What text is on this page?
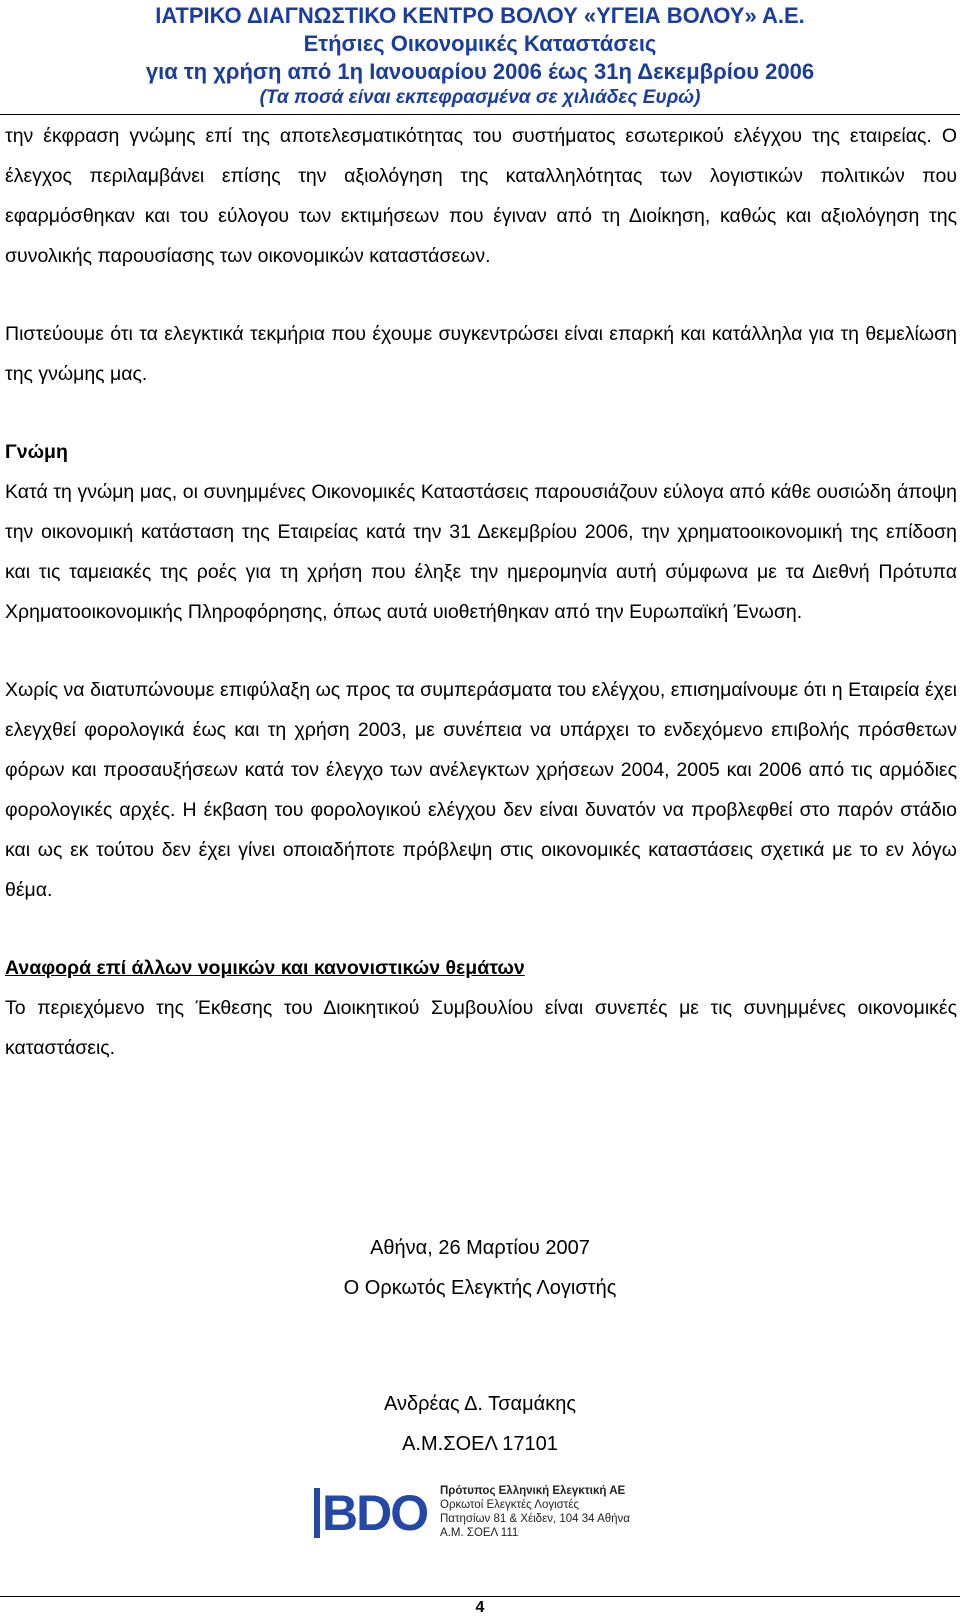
ΙΑΤΡΙΚΟ ΔΙΑΓΝΩΣΤΙΚΟ ΚΕΝΤΡΟ ΒΟΛΟΥ «ΥΓΕΙΑ ΒΟΛΟΥ» Α.Ε.
Ετήσιες Οικονομικές Καταστάσεις
για τη χρήση από 1η Ιανουαρίου 2006 έως 31η Δεκεμβρίου 2006
(Τα ποσά είναι εκπεφρασμένα σε χιλιάδες Ευρώ)

την έκφραση γνώμης επί της αποτελεσματικότητας του συστήματος εσωτερικού ελέγχου της εταιρείας. Ο έλεγχος περιλαμβάνει επίσης την αξιολόγηση της καταλληλότητας των λογιστικών πολιτικών που εφαρμόσθηκαν και του εύλογου των εκτιμήσεων που έγιναν από τη Διοίκηση, καθώς και αξιολόγηση της συνολικής παρουσίασης των οικονομικών καταστάσεων.

Πιστεύουμε ότι τα ελεγκτικά τεκμήρια που έχουμε συγκεντρώσει είναι επαρκή και κατάλληλα για τη θεμελίωση της γνώμης μας.

Γνώμη

Κατά τη γνώμη μας, οι συνημμένες Οικονομικές Καταστάσεις παρουσιάζουν εύλογα από κάθε ουσιώδη άποψη την οικονομική κατάσταση της Εταιρείας κατά την 31 Δεκεμβρίου 2006, την χρηματοοικονομική της επίδοση και τις ταμειακές της ροές για τη χρήση που έληξε την ημερομηνία αυτή σύμφωνα με τα Διεθνή Πρότυπα Χρηματοοικονομικής Πληροφόρησης, όπως αυτά υιοθετήθηκαν από την Ευρωπαϊκή Ένωση.

Χωρίς να διατυπώνουμε επιφύλαξη ως προς τα συμπεράσματα του ελέγχου, επισημαίνουμε ότι η Εταιρεία έχει ελεγχθεί φορολογικά έως και τη χρήση 2003, με συνέπεια να υπάρχει το ενδεχόμενο επιβολής πρόσθετων φόρων και προσαυξήσεων κατά τον έλεγχο των ανέλεγκτων χρήσεων 2004, 2005 και 2006 από τις αρμόδιες φορολογικές αρχές. Η έκβαση του φορολογικού ελέγχου δεν είναι δυνατόν να προβλεφθεί στο παρόν στάδιο και ως εκ τούτου δεν έχει γίνει οποιαδήποτε πρόβλεψη στις οικονομικές καταστάσεις σχετικά με το εν λόγω θέμα.

Αναφορά επί άλλων νομικών και κανονιστικών θεμάτων

Το περιεχόμενο της Έκθεσης του Διοικητικού Συμβουλίου είναι συνεπές με τις συνημμένες οικονομικές καταστάσεις.

Αθήνα, 26 Μαρτίου 2007

Ο Ορκωτός Ελεγκτής Λογιστής

Ανδρέας Δ. Τσαμάκης

Α.Μ.ΣΟΕΛ 17101

BDO Πρότυπος Ελληνική Ελεγκτική ΑΕ
Ορκωτοί Ελεγκτές Λογιστές
Πατησίων 81 & Χέιδεν, 104 34 Αθήνα
Α.Μ. ΣΟΕΛ 111
4
